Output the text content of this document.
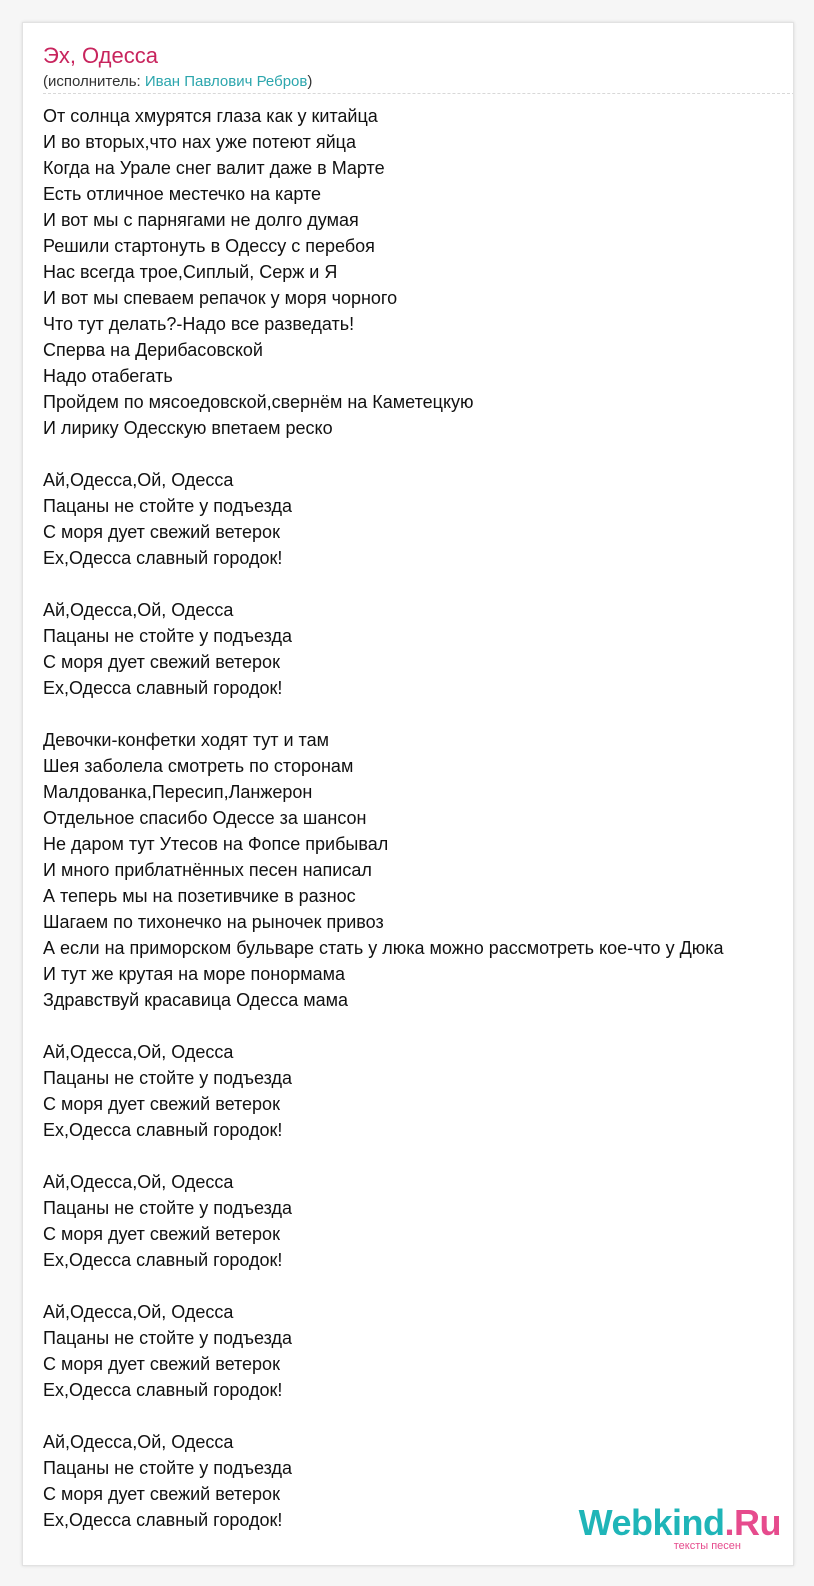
Эх, Одесса
(исполнитель: Иван Павлович Ребров)
От солнца хмурятся глаза как у китайца
И во вторых,что нах уже потеют яйца
Когда на Урале снег валит даже в Марте
Есть отличное местечко на карте
И вот мы с парнягами не долго думая
Решили стартонуть в Одессу с перебоя
Нас всегда трое,Сиплый, Серж и Я
И вот мы спеваем репачок у моря чорного
Что тут делать?-Надо все разведать!
Сперва на Дерибасовской
Надо отабегать
Пройдем по мясоедовской,свернём на Каметецкую
И лирику Одесскую впетаем реско
Ай,Одесса,Ой, Одесса
Пацаны не стойте у подъезда
С моря дует свежий ветерок
Ех,Одесса славный городок!
Ай,Одесса,Ой, Одесса
Пацаны не стойте у подъезда
С моря дует свежий ветерок
Ех,Одесса славный городок!
Девочки-конфетки ходят тут и там
Шея заболела смотреть по сторонам
Малдованка,Пересип,Ланжерон
Отдельное спасибо Одессе за шансон
Не даром тут Утесов на Фопсе прибывал
И много приблатнённых песен написал
А теперь мы на позетивчике в разнос
Шагаем по тихонечко на рыночек привоз
А если на приморском бульваре стать у люка можно рассмотреть кое-что у Дюка
И тут же крутая на море понормама
Здравствуй красавица Одесса мама
Ай,Одесса,Ой, Одесса
Пацаны не стойте у подъезда
С моря дует свежий ветерок
Ех,Одесса славный городок!
Ай,Одесса,Ой, Одесса
Пацаны не стойте у подъезда
С моря дует свежий ветерок
Ех,Одесса славный городок!
Ай,Одесса,Ой, Одесса
Пацаны не стойте у подъезда
С моря дует свежий ветерок
Ех,Одесса славный городок!
Ай,Одесса,Ой, Одесса
Пацаны не стойте у подъезда
С моря дует свежий ветерок
Ех,Одесса славный городок!	Webkind.Ru
тексты песен
